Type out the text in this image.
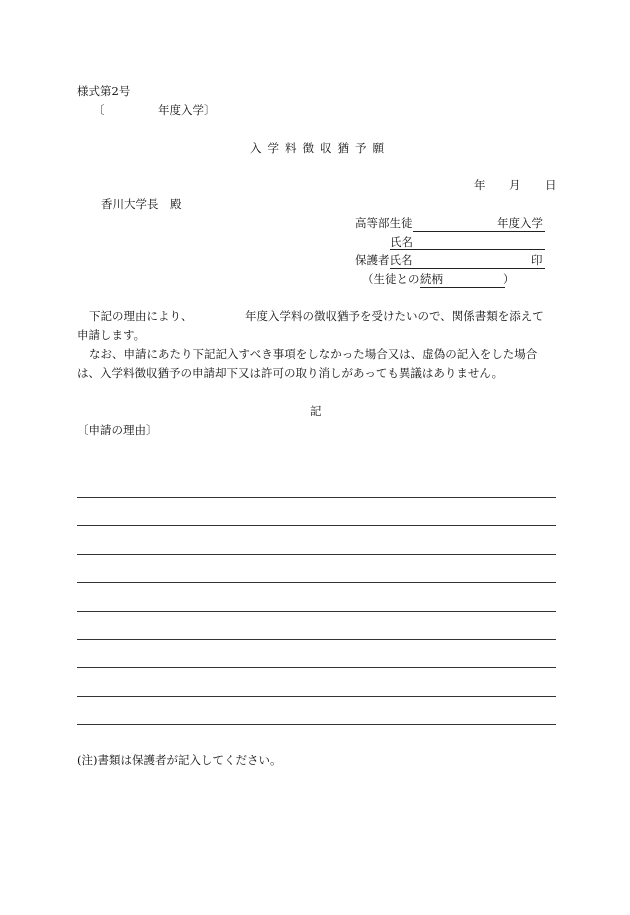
様式第2号
〔	年度入学〕
入学料徴収猶予願
年 月 日
香川大学長　殿
高等部生徒	年度入学
氏名
保護者氏名	印
（生徒との 続柄	）
下記の理由により、	年度入学料の徴収猶予を受けたいので、関係書類を添えて
申請します。
なお、申請にあたり下記記入すべき事項をしなかった場合又は、虚偽の記入をした場合
は、入学料徴収猶予の申請却下又は許可の取り消しがあっても異議はありません。
記
〔申請の理由〕
(注)書類は保護者が記入してください。
